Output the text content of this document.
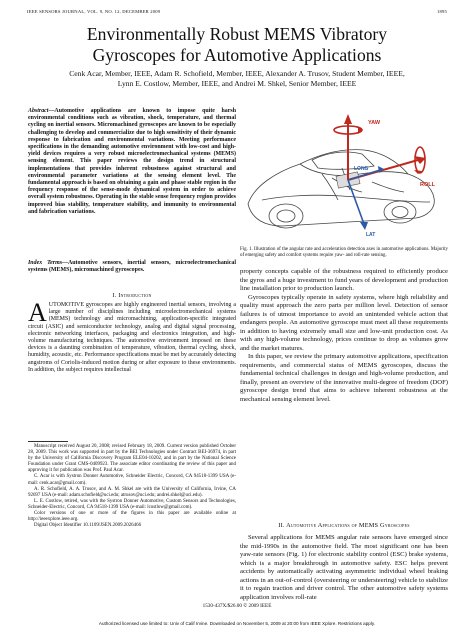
IEEE SENSORS JOURNAL, VOL. 9, NO. 12, DECEMBER 2009	1895
Environmentally Robust MEMS Vibratory
Gyroscopes for Automotive Applications
Cenk Acar, Member, IEEE, Adam R. Schofield, Member, IEEE, Alexander A. Trusov, Student Member, IEEE,
Lynn E. Costlow, Member, IEEE, and Andrei M. Shkel, Senior Member, IEEE
Abstract—Automotive applications are known to impose quite harsh environmental conditions such as vibration, shock, temperature, and thermal cycling on inertial sensors. Micromachined gyroscopes are known to be especially challenging to develop and commercialize due to high sensitivity of their dynamic response to fabrication and environmental variations. Meeting performance specifications in the demanding automotive environment with low-cost and high-yield devices requires a very robust microelectromechanical systems (MEMS) sensing element. This paper reviews the design trend in structural implementations that provides inherent robustness against structural and environmental parameter variations at the sensing element level. The fundamental approach is based on obtaining a gain and phase stable region in the frequency response of the sense-mode dynamical system in order to achieve overall system robustness. Operating in the stable sense frequency region provides improved bias stability, temperature stability, and immunity to environmental and fabrication variations.
Index Terms—Automotive sensors, inertial sensors, microelectromechanical systems (MEMS), micromachined gyroscopes.
I. Introduction
AUTOMOTIVE gyroscopes are highly engineered inertial sensors, involving a large number of disciplines including microelectromechanical systems (MEMS) technology and micromachining, application-specific integrated circuit (ASIC) and semiconductor technology, analog and digital signal processing, electronic networking interfaces, packaging and electronics integration, and high-volume manufacturing techniques. The automotive environment imposed on these devices is a daunting combination of temperature, vibration, thermal cycling, shock, humidity, acoustic, etc. Performance specifications must be met by accurately detecting angstroms of Coriolis-induced motion during or after exposure to these environments. In addition, the subject requires intellectual

Manuscript received August 20, 2008; revised February 18, 2009. Current version published October 28, 2009. This work was supported in part by the BEI Technologies under Contract BEI-36974, in part by the University of California Discovery Program ELE04-10202, and in part by the National Science Foundation under Grant CMS-0409923. The associate editor coordinating the review of this paper and approving it for publication was Prof. Paul Acar.

C. Acar is with Systron Donner Automotive, Schneider Electric, Concord, CA 94518-1399 USA (e-mail: cenk.acar@gmail.com).

A. R. Schofield, A. A. Trusov, and A. M. Shkel are with the University of California, Irvine, CA 92697 USA (e-mail: adam.schofield@uci.edu; atrusov@uci.edu; andrei.shkel@uci.edu).

L. E. Costlow, retired, was with the Systron Donner Automotive, Custom Sensors and Technologies, Schneider-Electric, Concord, CA 94518-1399 USA (e-mail: lcostlow@gmail.com).

Color versions of one or more of the figures in this paper are available online at http://ieeexplore.ieee.org.

Digital Object Identifier 10.1109/JSEN.2009.2026466

YAW
ROLL
LONG
LAT
Fig. 1. Illustration of the angular rate and acceleration detection axes in automotive applications. Majority of emerging safety and comfort systems require yaw- and roll-rate sensing.

property concepts capable of the robustness required to efficiently produce the gyros and a huge investment to fund years of development and production line installation prior to production launch.

Gyroscopes typically operate in safety systems, where high reliability and quality must approach the zero parts per million level. Detection of sensor failures is of utmost importance to avoid an unintended vehicle action that endangers people. An automotive gyroscope must meet all these requirements in addition to having extremely small size and low-unit production cost. As with any high-volume technology, prices continue to drop as volumes grow and the market matures.

In this paper, we review the primary automotive applications, specification requirements, and commercial status of MEMS gyroscopes, discuss the fundamental technical challenges in design and high-volume production, and finally, present an overview of the innovative multi-degree of freedom (DOF) gyroscope design trend that aims to achieve inherent robustness at the mechanical sensing element level.

II. Automotive Applications of MEMS Gyroscopes

Several applications for MEMS angular rate sensors have emerged since the mid-1990s in the automotive field. The most significant one has been yaw-rate sensors (Fig. 1) for electronic stability control (ESC) brake systems, which is a major breakthrough in automotive safety. ESC helps prevent accidents by automatically activating asymmetric individual wheel braking actions in an out-of-control (oversteering or understeering) vehicle to stabilize it to regain traction and driver control. The other automotive safety systems application involves roll-rate

1530-437X/$26.00 © 2009 IEEE
Authorized licensed use limited to: Univ of Calif Irvine. Downloaded on November 5, 2009 at 20:00 from IEEE Xplore. Restrictions apply.
